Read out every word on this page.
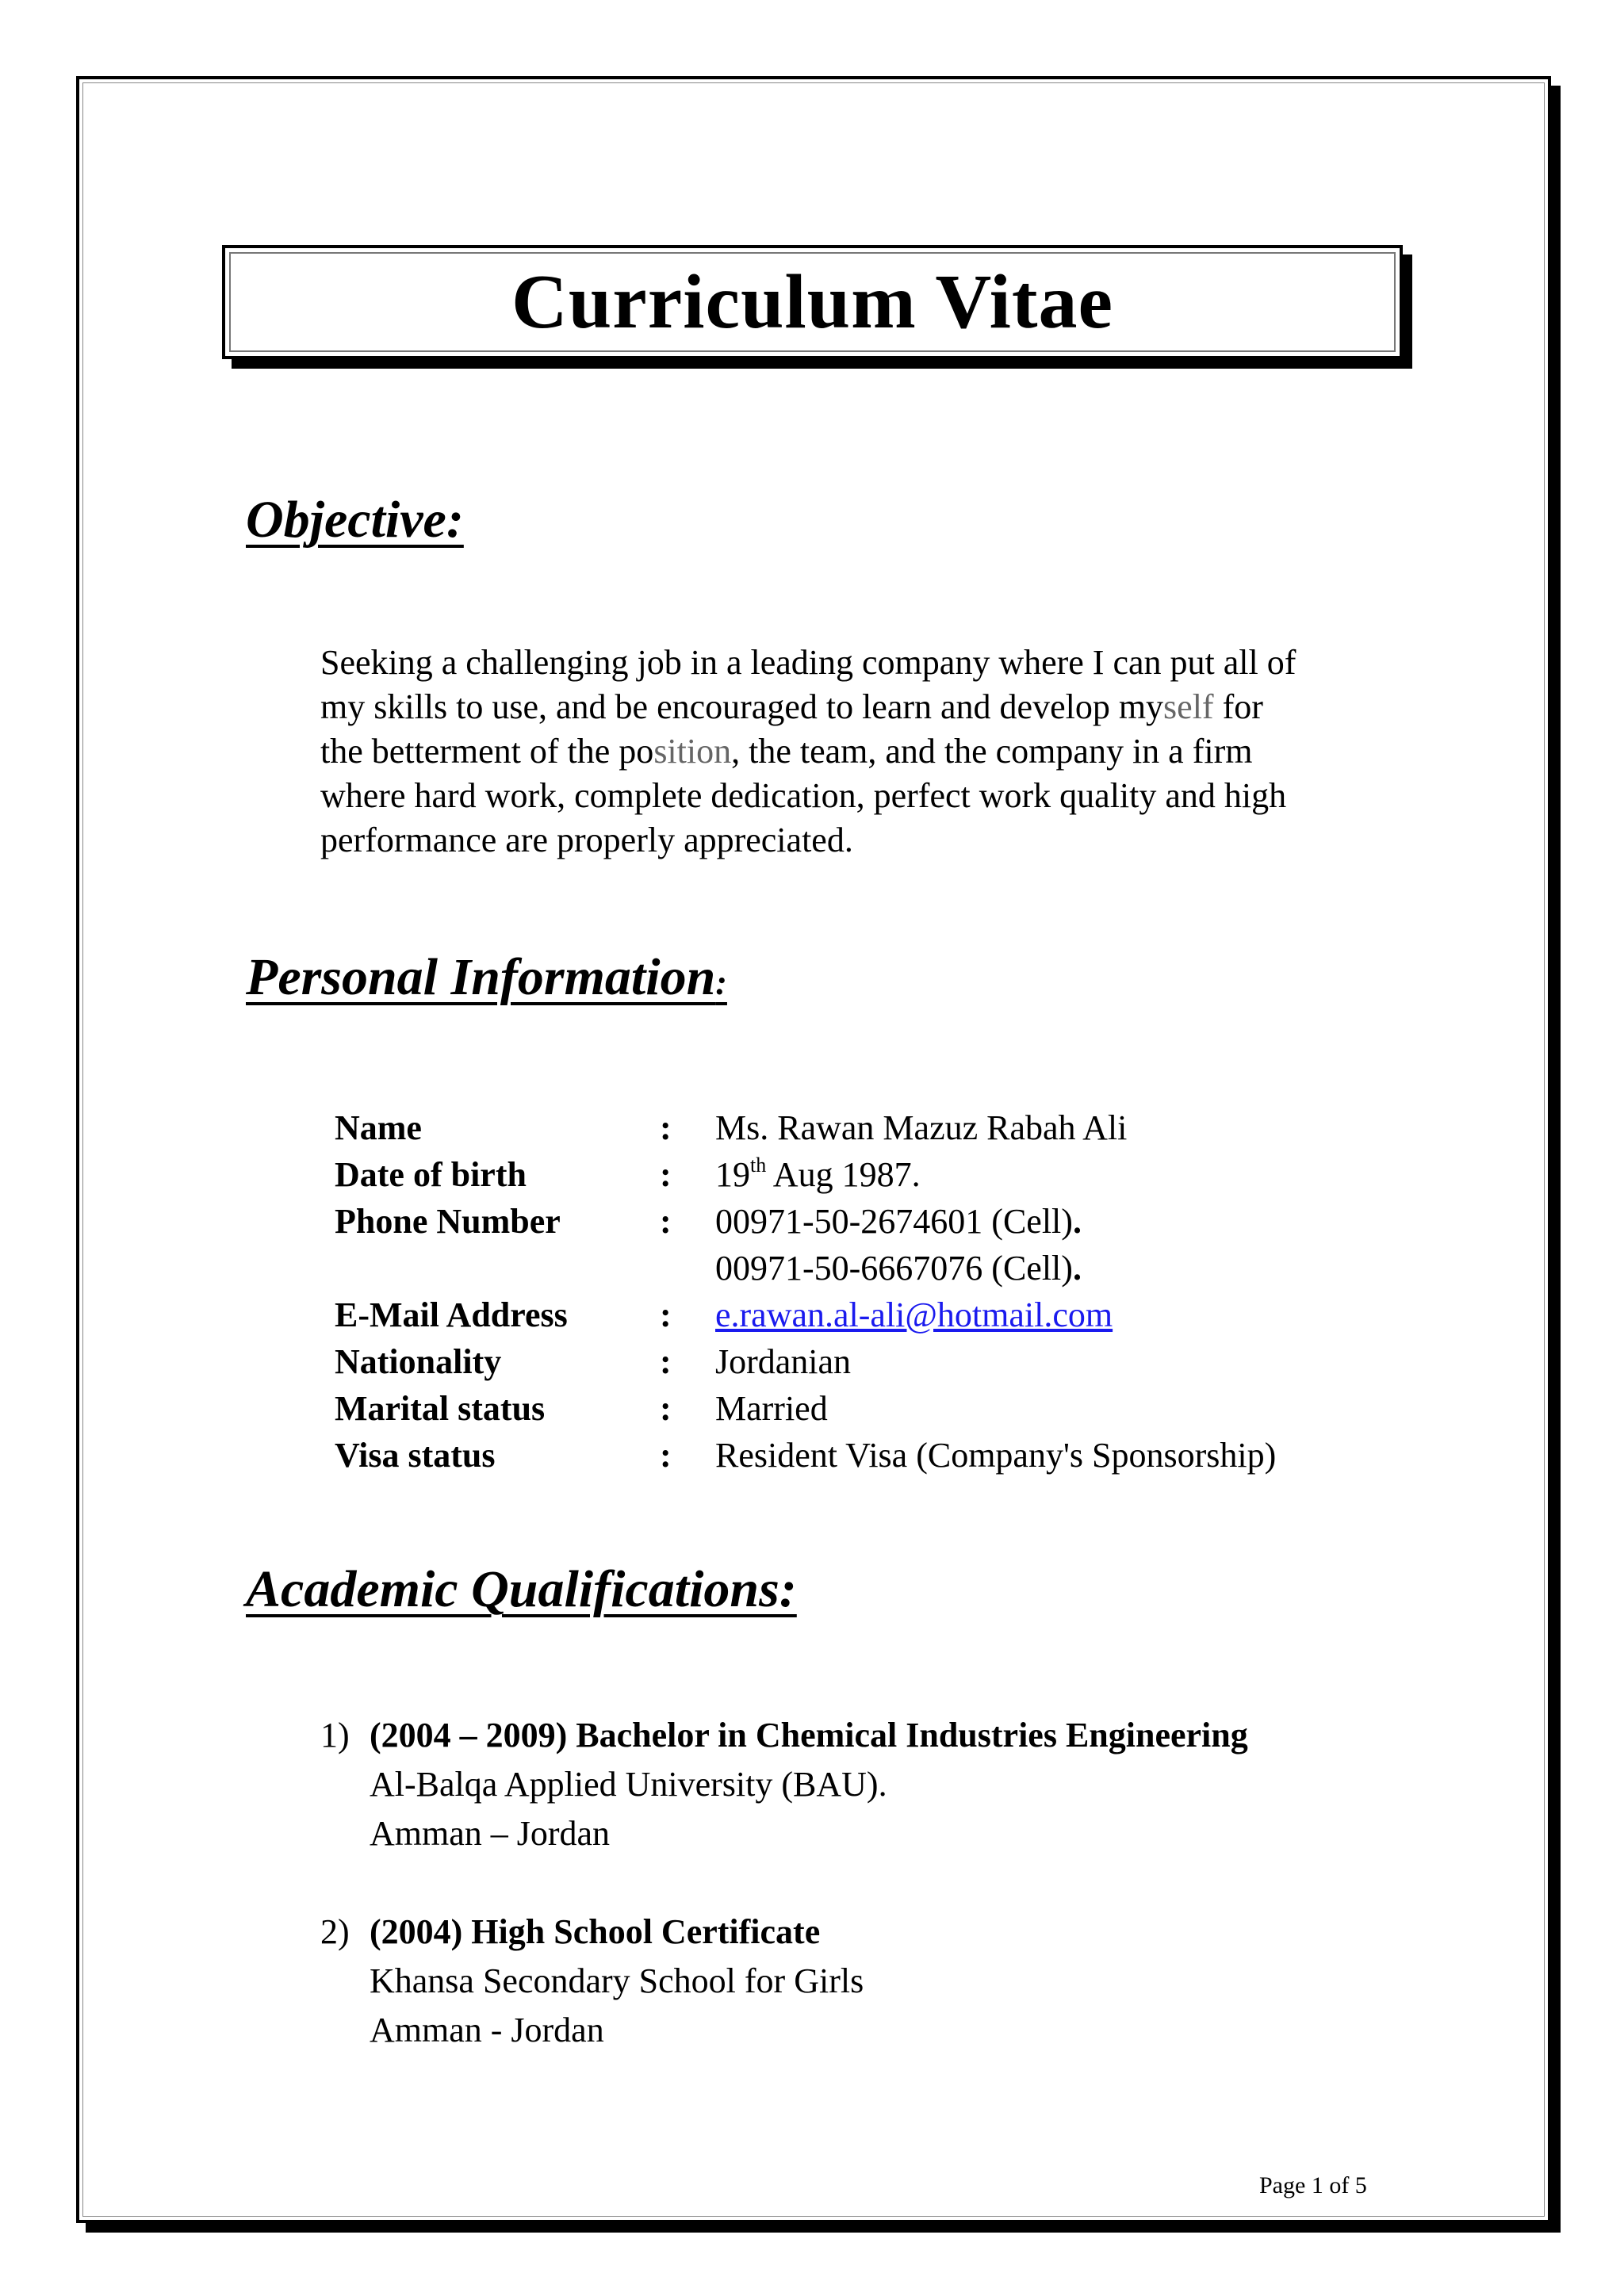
Curriculum Vitae
Objective:

Seeking a challenging job in a leading company where I can put all of
my skills to use, and be encouraged to learn and develop myself for
the betterment of the position, the team, and the company in a firm
where hard work, complete dedication, perfect work quality and high
performance are properly appreciated.

Personal Information:
Name	:	Ms. Rawan Mazuz Rabah Ali
Date of birth	:	19th Aug 1987.
Phone Number	:	00971-50-2674601 (Cell).
00971-50-6667076 (Cell).
E-Mail Address	:	e.rawan.al-ali@hotmail.com
Nationality	:	Jordanian
Marital status	:	Married
Visa status	:	Resident Visa (Company's Sponsorship)
Academic Qualifications:
1) (2004 – 2009) Bachelor in Chemical Industries Engineering
Al-Balqa Applied University (BAU).
Amman – Jordan
2) (2004) High School Certificate
Khansa Secondary School for Girls
Amman - Jordan
Page 1 of 5
